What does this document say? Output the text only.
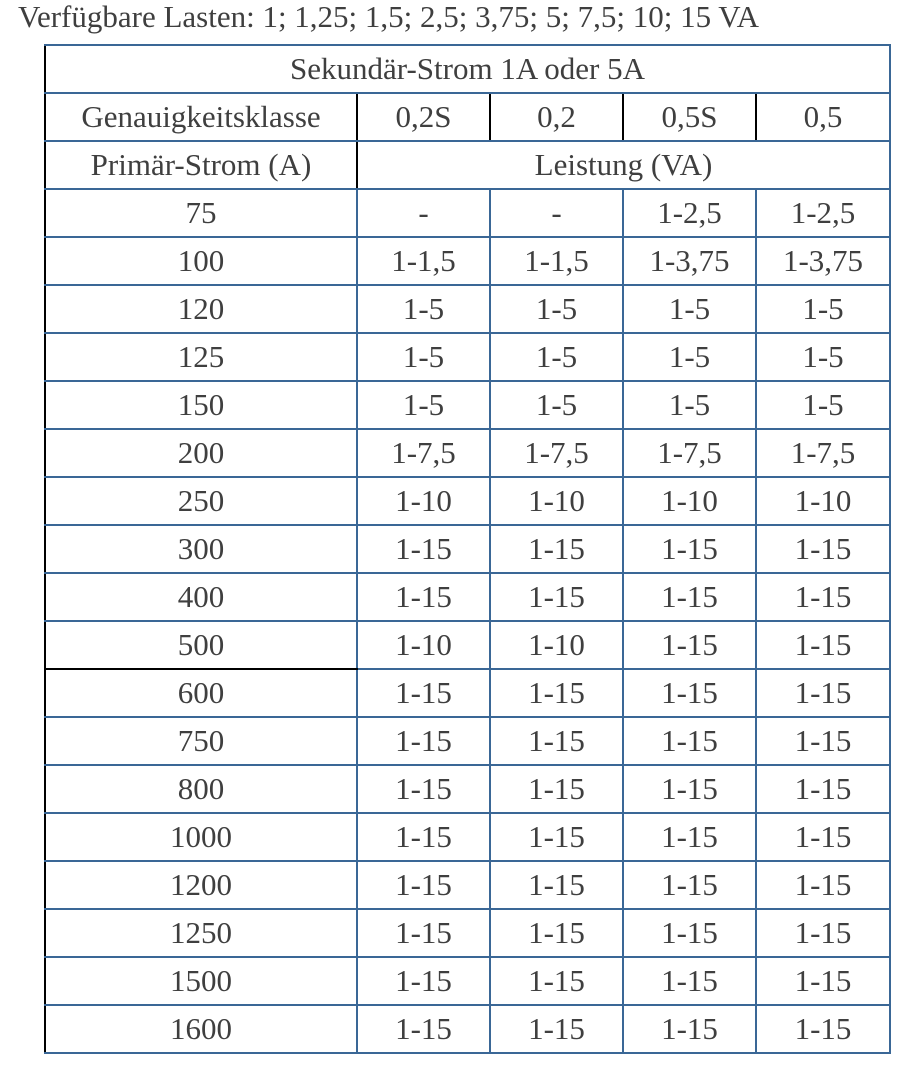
Verfügbare Lasten: 1; 1,25; 1,5; 2,5; 3,75; 5; 7,5; 10; 15 VA
Sekundär-Strom 1A oder 5A				
Genauigkeitsklasse	0,2S	0,2	0,5S	0,5
Primär-Strom (A)	Leistung (VA)			
75	-	-	1-2,5	1-2,5
100	1-1,5	1-1,5	1-3,75	1-3,75
120	1-5	1-5	1-5	1-5
125	1-5	1-5	1-5	1-5
150	1-5	1-5	1-5	1-5
200	1-7,5	1-7,5	1-7,5	1-7,5
250	1-10	1-10	1-10	1-10
300	1-15	1-15	1-15	1-15
400	1-15	1-15	1-15	1-15
500	1-10	1-10	1-15	1-15
600	1-15	1-15	1-15	1-15
750	1-15	1-15	1-15	1-15
800	1-15	1-15	1-15	1-15
1000	1-15	1-15	1-15	1-15
1200	1-15	1-15	1-15	1-15
1250	1-15	1-15	1-15	1-15
1500	1-15	1-15	1-15	1-15
1600	1-15	1-15	1-15	1-15
